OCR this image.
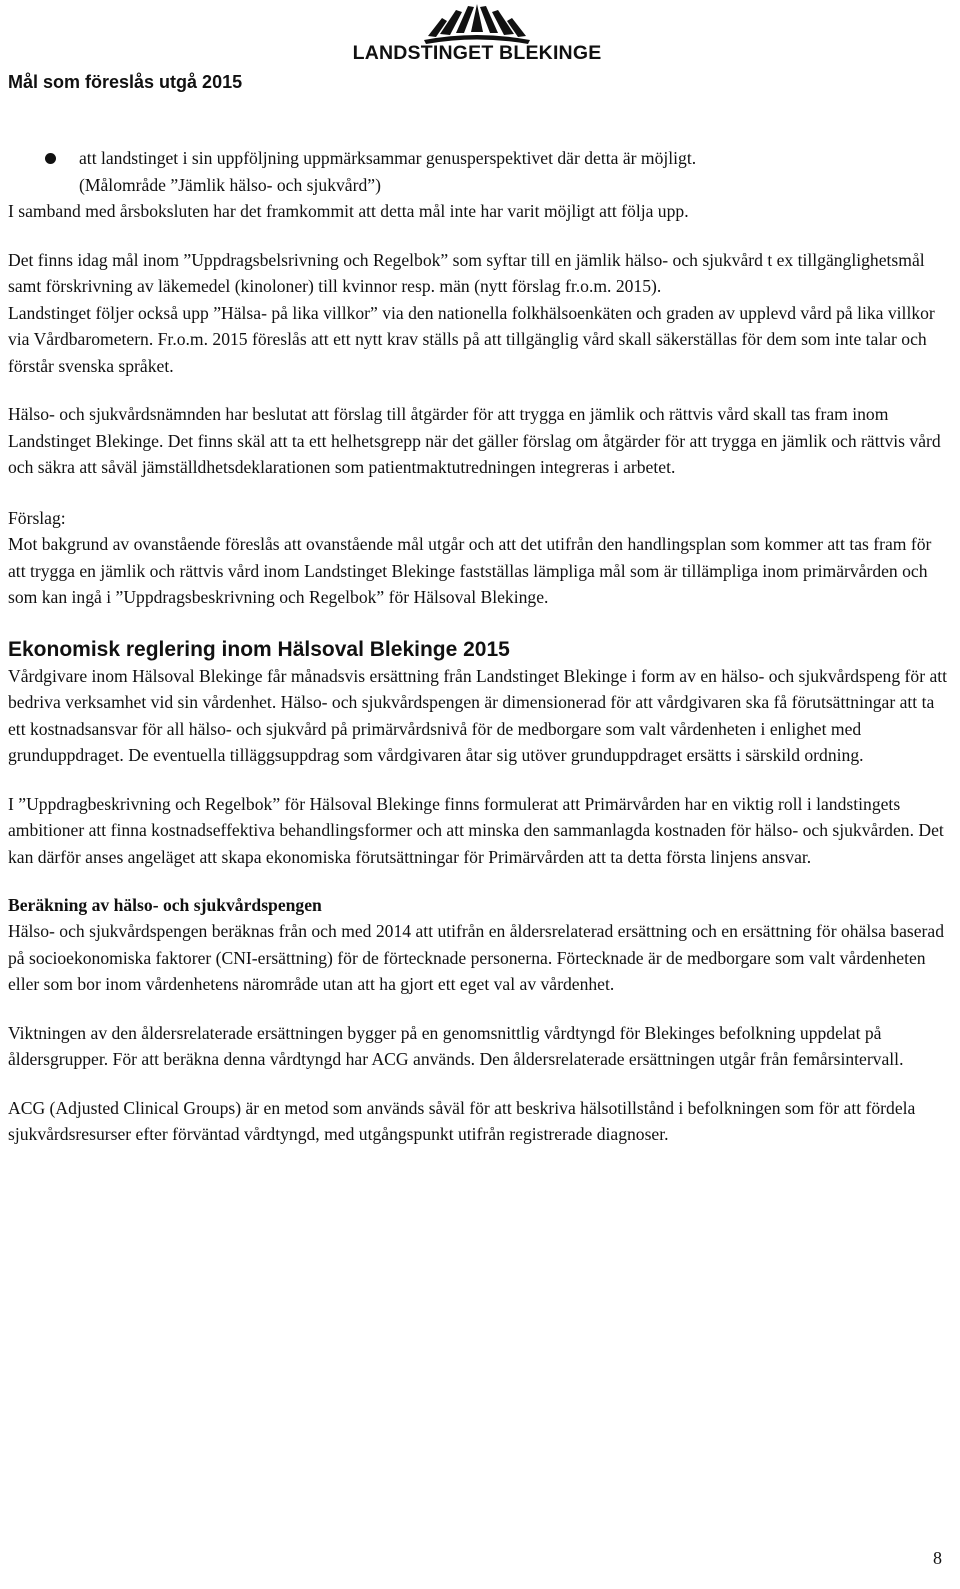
LANDSTINGET BLEKINGE
Mål som föreslås utgå 2015
att landstinget i sin uppföljning uppmärksammar genusperspektivet där detta är möjligt.
(Målområde ”Jämlik hälso- och sjukvård”)

I samband med årsboksluten har det framkommit att detta mål inte har varit möjligt att följa upp.

Det finns idag mål inom ”Uppdragsbelsrivning och Regelbok” som syftar till en jämlik hälso- och sjukvård t ex tillgänglighetsmål samt förskrivning av läkemedel (kinoloner) till kvinnor resp. män (nytt förslag fr.o.m. 2015).

Landstinget följer också upp ”Hälsa- på lika villkor” via den nationella folkhälsoenkäten och graden av upplevd vård på lika villkor via Vårdbarometern. Fr.o.m. 2015 föreslås att ett nytt krav ställs på att tillgänglig vård skall säkerställas för dem som inte talar och förstår svenska språket.

Hälso- och sjukvårdsnämnden har beslutat att förslag till åtgärder för att trygga en jämlik och rättvis vård skall tas fram inom Landstinget Blekinge. Det finns skäl att ta ett helhetsgrepp när det gäller förslag om åtgärder för att trygga en jämlik och rättvis vård och säkra att såväl jämställdhetsdeklarationen som patientmaktutredningen integreras i arbetet.

Förslag:

Mot bakgrund av ovanstående föreslås att ovanstående mål utgår och att det utifrån den handlingsplan som kommer att tas fram för att trygga en jämlik och rättvis vård inom Landstinget Blekinge fastställas lämpliga mål som är tillämpliga inom primärvården och som kan ingå i ”Uppdragsbeskrivning och Regelbok” för Hälsoval Blekinge.

Ekonomisk reglering inom Hälsoval Blekinge 2015

Vårdgivare inom Hälsoval Blekinge får månadsvis ersättning från Landstinget Blekinge i form av en hälso- och sjukvårdspeng för att bedriva verksamhet vid sin vårdenhet. Hälso- och sjukvårdspengen är dimensionerad för att vårdgivaren ska få förutsättningar att ta ett kostnadsansvar för all hälso- och sjukvård på primärvårdsnivå för de medborgare som valt vårdenheten i enlighet med grunduppdraget. De eventuella tilläggsuppdrag som vårdgivaren åtar sig utöver grunduppdraget ersätts i särskild ordning.

I ”Uppdragbeskrivning och Regelbok” för Hälsoval Blekinge finns formulerat att Primärvården har en viktig roll i landstingets ambitioner att finna kostnadseffektiva behandlingsformer och att minska den sammanlagda kostnaden för hälso- och sjukvården. Det kan därför anses angeläget att skapa ekonomiska förutsättningar för Primärvården att ta detta första linjens ansvar.

Beräkning av hälso- och sjukvårdspengen

Hälso- och sjukvårdspengen beräknas från och med 2014 att utifrån en åldersrelaterad ersättning och en ersättning för ohälsa baserad på socioekonomiska faktorer (CNI-ersättning) för de förtecknade personerna. Förtecknade är de medborgare som valt vårdenheten eller som bor inom vårdenhetens närområde utan att ha gjort ett eget val av vårdenhet.

Viktningen av den åldersrelaterade ersättningen bygger på en genomsnittlig vårdtyngd för Blekinges befolkning uppdelat på åldersgrupper. För att beräkna denna vårdtyngd har ACG används. Den åldersrelaterade ersättningen utgår från femårsintervall.

ACG (Adjusted Clinical Groups) är en metod som används såväl för att beskriva hälsotillstånd i befolkningen som för att fördela sjukvårdsresurser efter förväntad vårdtyngd, med utgångspunkt utifrån registrerade diagnoser.

8
